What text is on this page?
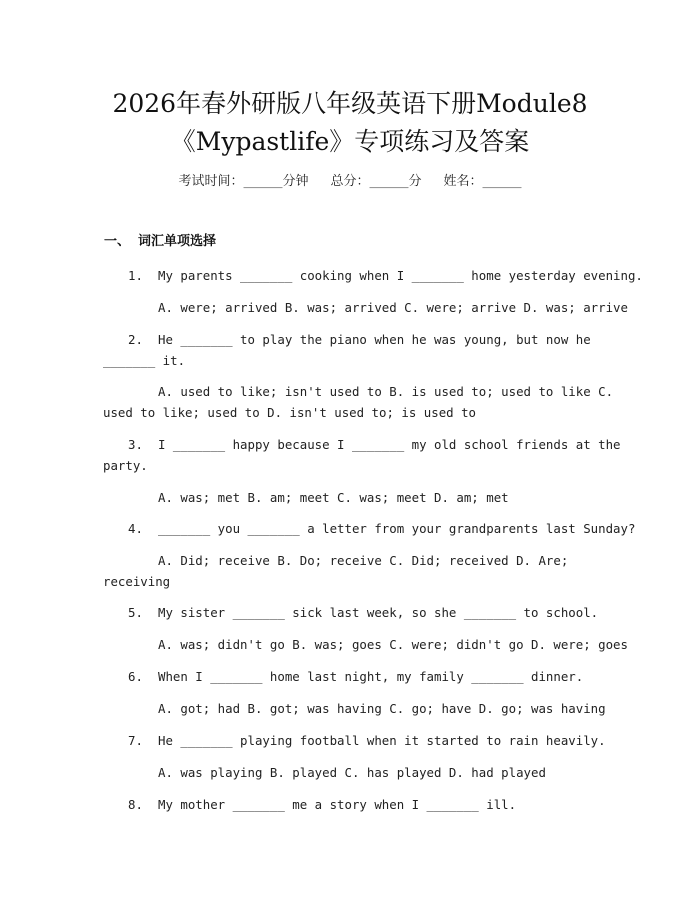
2026年春外研版八年级英语下册Module8
《Mypastlife》专项练习及答案
考试时间：______分钟 总分：______分 姓名：______
一、 词汇单项选择
1.	My parents _______ cooking when I _______ home yesterday evening.
A. were; arrived B. was; arrived C. were; arrive D. was; arrive
2.	He _______ to play the piano when he was young, but now he
_______ it.
A. used to like; isn't used to B. is used to; used to like C.
used to like; used to D. isn't used to; is used to
3.	I _______ happy because I _______ my old school friends at the
party.
A. was; met B. am; meet C. was; meet D. am; met
4.	_______ you _______ a letter from your grandparents last Sunday?
A. Did; receive B. Do; receive C. Did; received D. Are;
receiving
5.	My sister _______ sick last week, so she _______ to school.
A. was; didn't go B. was; goes C. were; didn't go D. were; goes
6.	When I _______ home last night, my family _______ dinner.
A. got; had B. got; was having C. go; have D. go; was having
7.	He _______ playing football when it started to rain heavily.
A. was playing B. played C. has played D. had played
8.	My mother _______ me a story when I _______ ill.
